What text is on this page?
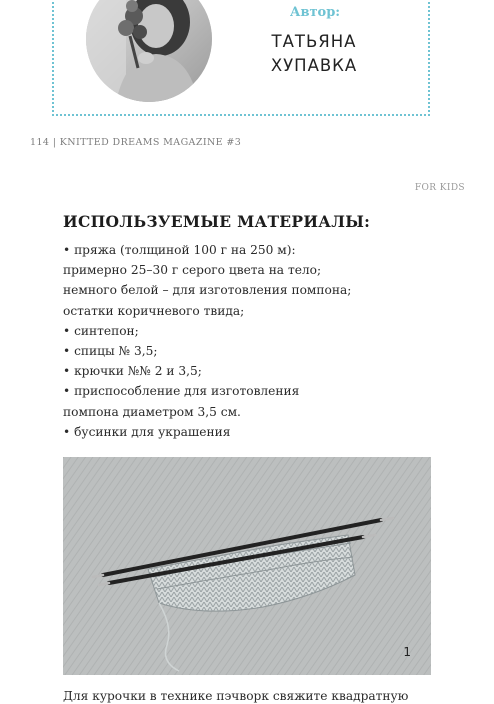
Автор:
ТАТЬЯНА
ХУПАВКА
114 | KNITTED DREAMS MAGAZINE #3
FOR KIDS
ИСПОЛЬЗУЕМЫЕ МАТЕРИАЛЫ:
• пряжа (толщиной 100 г на 250 м):
примерно 25–30 г серого цвета на тело;
немного белой – для изготовления помпона;
остатки коричневого твида;
• синтепон;
• спицы № 3,5;
• крючки №№ 2 и 3,5;
• приспособление для изготовления
помпона диаметром 3,5 см.
• бусинки для украшения
1
Для курочки в технике пэчворк свяжите квадратную
